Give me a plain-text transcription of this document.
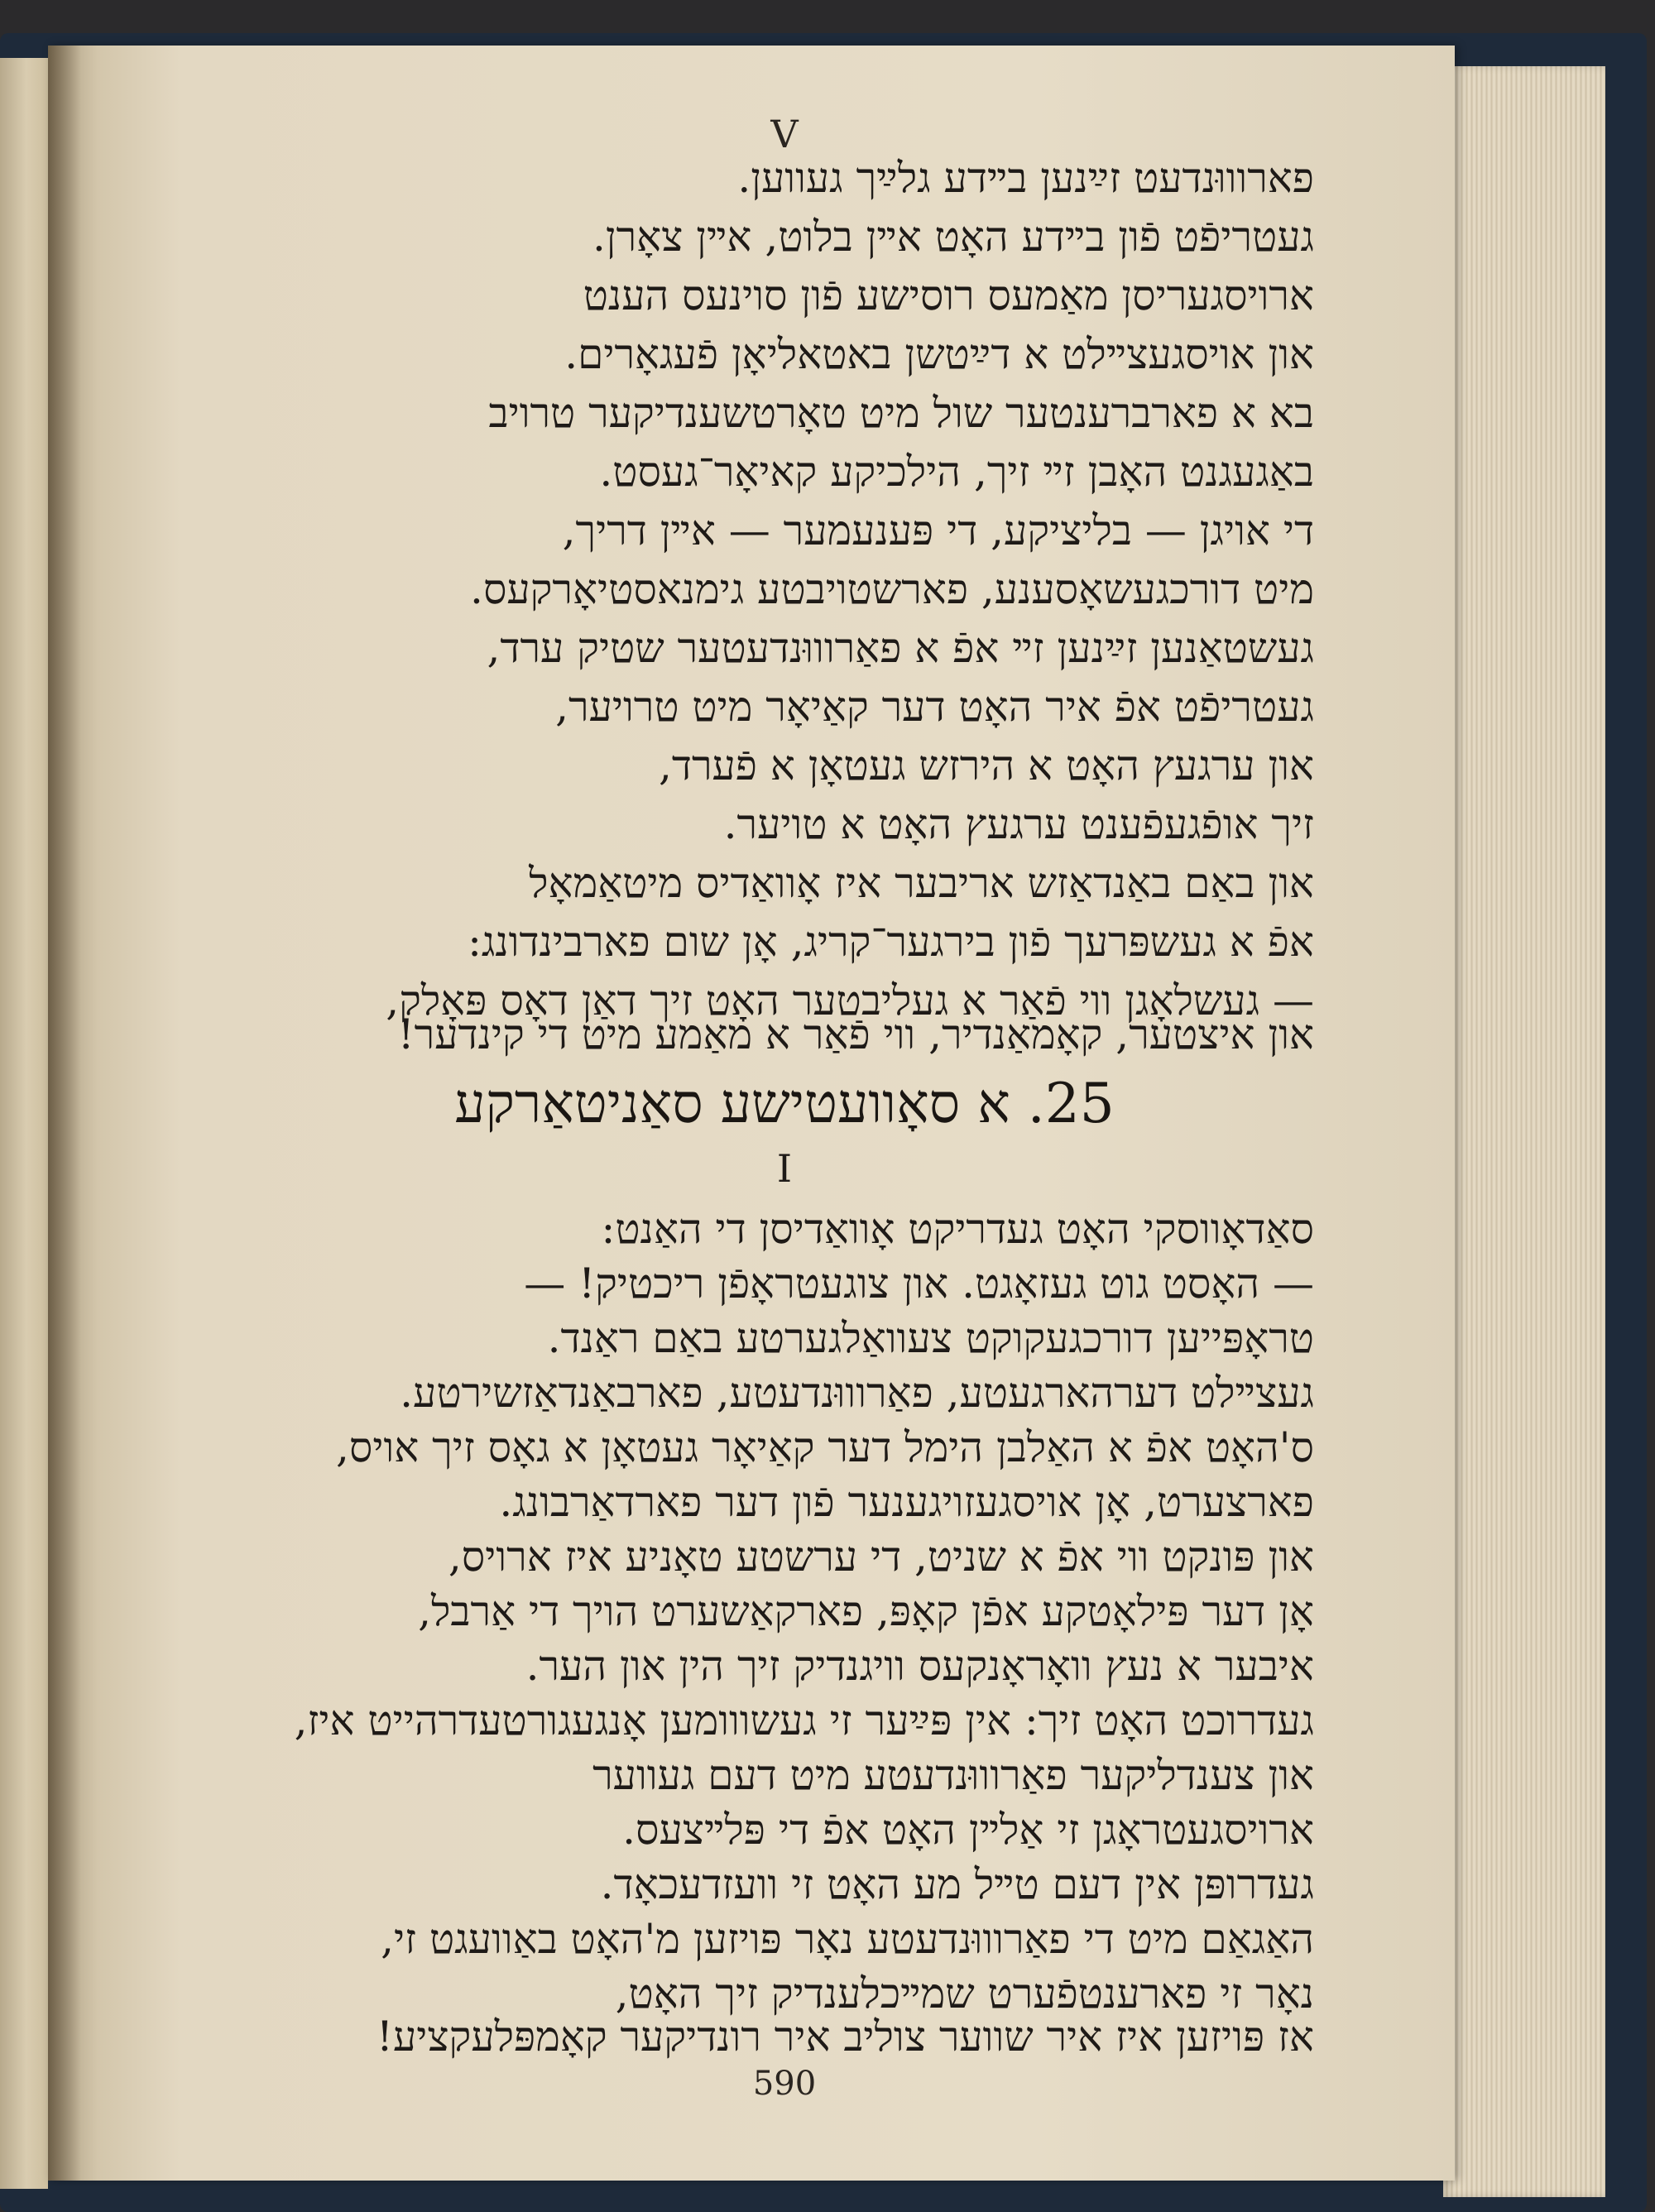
V
פארוווּנדעט זײַנען בײדע גלײַך געווען.
געטריפֿט פֿון בײדע האָט אײן בלוט, אײן צאָרן.
ארויסגעריסן מאַמעס רוסישע פֿון סוינעס הענט
און אויסגעצײלט א דײַטשן באטאליאָן פֿעגאָרים.
בא א פארברענטער שול מיט טאָרטשענדיקער טרויב
באַגעגנט האָבן זײ זיך, הילכיקע קאיאָר־געסט.
די אויגן — בליציקע, די פּענעמער — אײן דריך,
מיט דורכגעשאָסענע, פארשטויבטע גימנאסטיאָרקעס.
געשטאַנען זײַנען זײ אפֿ א פאַרוווּנדעטער שטיק ערד,
געטריפֿט אפֿ איר האָט דער קאַיאָר מיט טרויער,
און ערגעץ האָט א הירזש געטאָן א פֿערד,
זיך אופֿגעפֿענט ערגעץ האָט א טויער.
און באַם באַנדאַזש אריבער איז אָוואַדיס מיטאַמאָל
אפֿ א געשפּרעך פֿון בירגער־קריג, אָן שום פארבינדונג:
— געשלאָגן ווי פֿאַר א געליבטער האָט זיך דאַן דאָס פּאָלק,
און איצטער, קאָמאַנדיר, ווי פֿאַר א מאַמע מיט די קינדער!
25. א סאָוועטישע סאַניטאַרקע
I
סאַדאָווסקי האָט געדריקט אָוואַדיסן די האַנט:
— האָסט גוט געזאָגט. און צוגעטראָפֿן ריכטיק! —
טראָפּייען דורכגעקוקט צעוואַלגערטע באַם ראַנד.
געצײלט דערהארגעטע, פאַרוווּנדעטע, פארבאַנדאַזשירטע.
ס'האָט אפֿ א האַלבן הימל דער קאַיאָר געטאָן א גאָס זיך אויס,
פארצערט, אָן אויסגעזויגענער פֿון דער פארדאַרבונג.
און פּונקט ווי אפֿ א שניט, די ערשטע טאָניע איז ארויס,
אָן דער פּילאָטקע אפֿן קאָפּ, פארקאַשערט הויך די אַרבל,
איבער א נעץ וואָראָנקעס וויגנדיק זיך הין און הער.
געדרוכט האָט זיך: אין פּײַער זי געשווומען אָנגעגורטעדרהייט איז,
און צענדליקער פאַרוווּנדעטע מיט דעם געווער
ארויסגעטראָגן זי אַלײן האָט אפֿ די פּלײצעס.
געדרופּן אין דעם טײל מע האָט זי וועזדעכאָד.
האַגאַם מיט די פאַרוווּנדעטע נאָר פּויזען מ'האָט באַוועגט זי,
נאָר זי פארענטפֿערט שמײכלענדיק זיך האָט,
אז פּויזען איז איר שווער צוליב איר רונדיקער קאָמפּלעקציע!
590
